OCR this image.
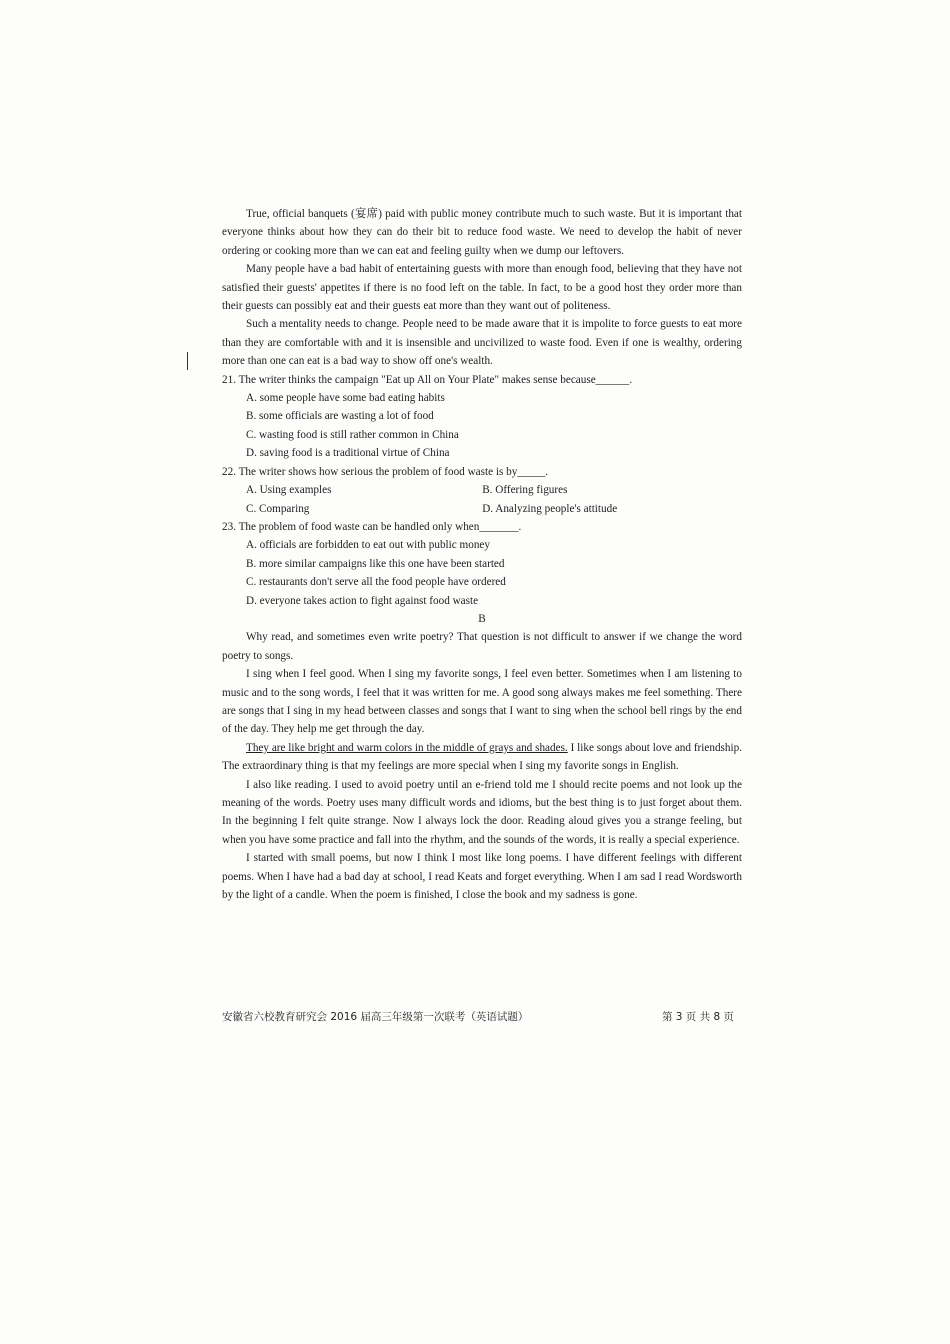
True, official banquets (宴席) paid with public money contribute much to such waste. But it is important that everyone thinks about how they can do their bit to reduce food waste. We need to develop the habit of never ordering or cooking more than we can eat and feeling guilty when we dump our leftovers.

Many people have a bad habit of entertaining guests with more than enough food, believing that they have not satisfied their guests' appetites if there is no food left on the table. In fact, to be a good host they order more than their guests can possibly eat and their guests eat more than they want out of politeness.

Such a mentality needs to change. People need to be made aware that it is impolite to force guests to eat more than they are comfortable with and it is insensible and uncivilized to waste food. Even if one is wealthy, ordering more than one can eat is a bad way to show off one's wealth.

21. The writer thinks the campaign "Eat up All on Your Plate" makes sense because______.

A. some people have some bad eating habits

B. some officials are wasting a lot of food

C. wasting food is still rather common in China

D. saving food is a traditional virtue of China

22. The writer shows how serious the problem of food waste is by_____.

A. Using examples	B. Offering figures
C. Comparing	D. Analyzing people's attitude

23. The problem of food waste can be handled only when_______.

A. officials are forbidden to eat out with public money

B. more similar campaigns like this one have been started

C. restaurants don't serve all the food people have ordered

D. everyone takes action to fight against food waste

B

Why read, and sometimes even write poetry? That question is not difficult to answer if we change the word poetry to songs.

I sing when I feel good. When I sing my favorite songs, I feel even better. Sometimes when I am listening to music and to the song words, I feel that it was written for me. A good song always makes me feel something. There are songs that I sing in my head between classes and songs that I want to sing when the school bell rings by the end of the day. They help me get through the day.

They are like bright and warm colors in the middle of grays and shades. I like songs about love and friendship. The extraordinary thing is that my feelings are more special when I sing my favorite songs in English.

I also like reading. I used to avoid poetry until an e-friend told me I should recite poems and not look up the meaning of the words. Poetry uses many difficult words and idioms, but the best thing is to just forget about them. In the beginning I felt quite strange. Now I always lock the door. Reading aloud gives you a strange feeling, but when you have some practice and fall into the rhythm, and the sounds of the words, it is really a special experience.

I started with small poems, but now I think I most like long poems. I have different feelings with different poems. When I have had a bad day at school, I read Keats and forget everything. When I am sad I read Wordsworth by the light of a candle. When the poem is finished, I close the book and my sadness is gone.

安徽省六校教育研究会 2016 届高三年级第一次联考（英语试题）	第 3 页 共 8 页
